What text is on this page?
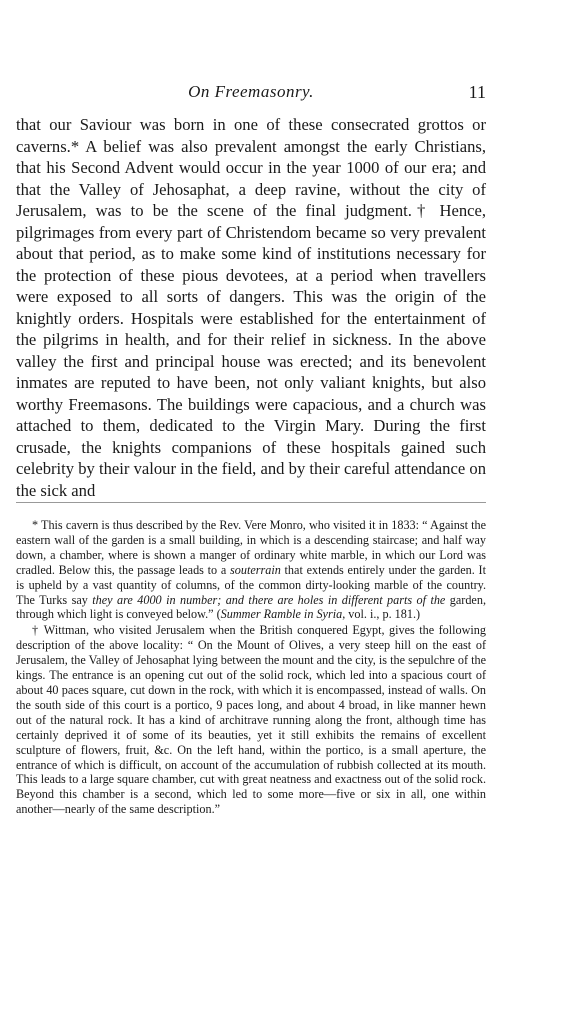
On Freemasonry.	11

that our Saviour was born in one of these consecrated grottos or caverns.* A belief was also prevalent amongst the early Christians, that his Second Advent would occur in the year 1000 of our era; and that the Valley of Jehosaphat, a deep ravine, without the city of Jerusalem, was to be the scene of the final judgment.† Hence, pilgrimages from every part of Christendom became so very prevalent about that period, as to make some kind of institutions necessary for the protection of these pious devotees, at a period when travellers were exposed to all sorts of dangers. This was the origin of the knightly orders. Hospitals were established for the entertainment of the pilgrims in health, and for their relief in sickness. In the above valley the first and principal house was erected; and its benevolent inmates are reputed to have been, not only valiant knights, but also worthy Freemasons. The buildings were capacious, and a church was attached to them, dedicated to the Virgin Mary. During the first crusade, the knights companions of these hospitals gained such celebrity by their valour in the field, and by their careful attendance on the sick and

* This cavern is thus described by the Rev. Vere Monro, who visited it in 1833: “ Against the eastern wall of the garden is a small building, in which is a descending staircase; and half way down, a chamber, where is shown a manger of ordinary white marble, in which our Lord was cradled. Below this, the passage leads to a souterrain that extends entirely under the garden. It is upheld by a vast quantity of columns, of the common dirty-looking marble of the country. The Turks say they are 4000 in number; and there are holes in different parts of the garden, through which light is conveyed below.” (Summer Ramble in Syria, vol. i., p. 181.)

† Wittman, who visited Jerusalem when the British conquered Egypt, gives the following description of the above locality: “ On the Mount of Olives, a very steep hill on the east of Jerusalem, the Valley of Jehosaphat lying between the mount and the city, is the sepulchre of the kings. The entrance is an opening cut out of the solid rock, which led into a spacious court of about 40 paces square, cut down in the rock, with which it is encompassed, instead of walls. On the south side of this court is a portico, 9 paces long, and about 4 broad, in like manner hewn out of the natural rock. It has a kind of architrave running along the front, although time has certainly deprived it of some of its beauties, yet it still exhibits the remains of excellent sculpture of flowers, fruit, &c. On the left hand, within the portico, is a small aperture, the entrance of which is difficult, on account of the accumulation of rubbish collected at its mouth. This leads to a large square chamber, cut with great neatness and exactness out of the solid rock. Beyond this chamber is a second, which led to some more—five or six in all, one within another—nearly of the same description.”
